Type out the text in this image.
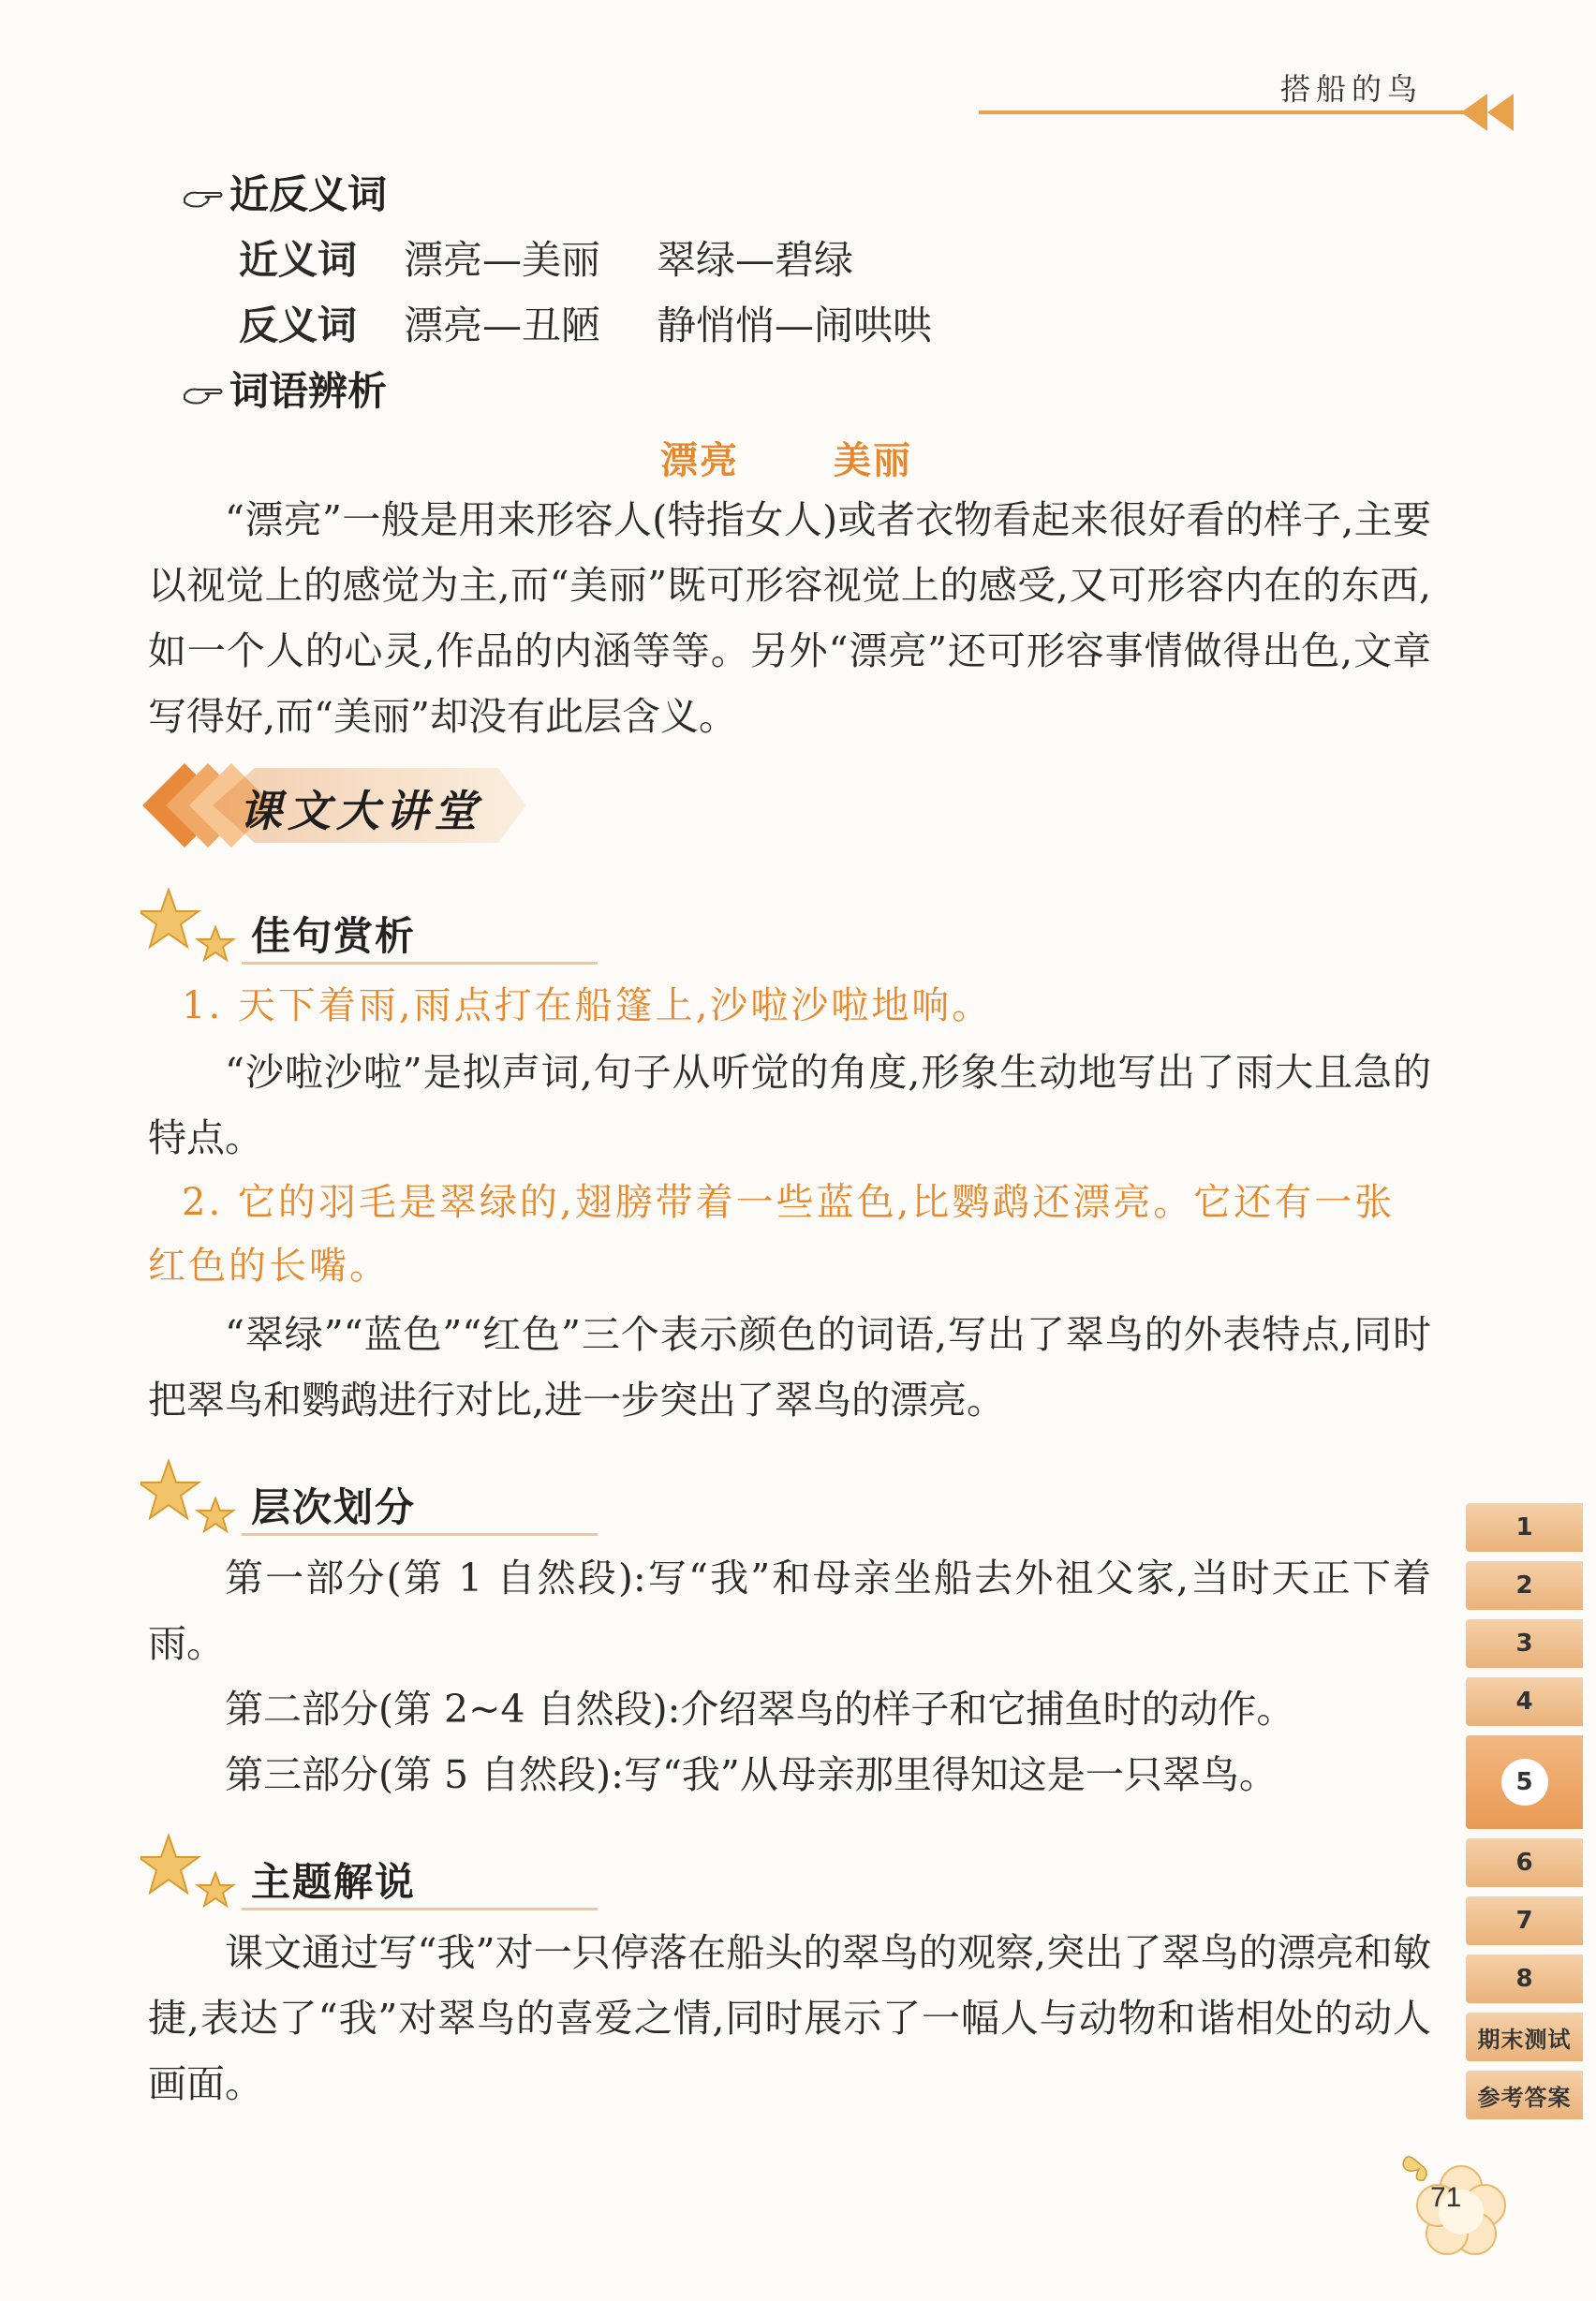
搭船的鸟
近反义词
近义词 漂亮—美丽 翠绿—碧绿
反义词 漂亮—丑陋 静悄悄—闹哄哄
词语辨析
漂亮	美丽

“漂亮”一般是用来形容人(特指女人)或者衣物看起来很好看的样子,主要以视觉上的感觉为主,而“美丽”既可形容视觉上的感受,又可形容内在的东西,如一个人的心灵,作品的内涵等等。另外“漂亮”还可形容事情做得出色,文章写得好,而“美丽”却没有此层含义。

课文大讲堂
佳句赏析

1. 天下着雨,雨点打在船篷上,沙啦沙啦地响。

“沙啦沙啦”是拟声词,句子从听觉的角度,形象生动地写出了雨大且急的特点。

2. 它的羽毛是翠绿的,翅膀带着一些蓝色,比鹦鹉还漂亮。它还有一张红色的长嘴。

“翠绿”“蓝色”“红色”三个表示颜色的词语,写出了翠鸟的外表特点,同时把翠鸟和鹦鹉进行对比,进一步突出了翠鸟的漂亮。

层次划分

第一部分(第 1 自然段):写“我”和母亲坐船去外祖父家,当时天正下着雨。

第二部分(第 2~4 自然段):介绍翠鸟的样子和它捕鱼时的动作。

第三部分(第 5 自然段):写“我”从母亲那里得知这是一只翠鸟。

主题解说

课文通过写“我”对一只停落在船头的翠鸟的观察,突出了翠鸟的漂亮和敏捷,表达了“我”对翠鸟的喜爱之情,同时展示了一幅人与动物和谐相处的动人画面。

1
2
3
4
5
6
7
8
期末测试
参考答案
71
